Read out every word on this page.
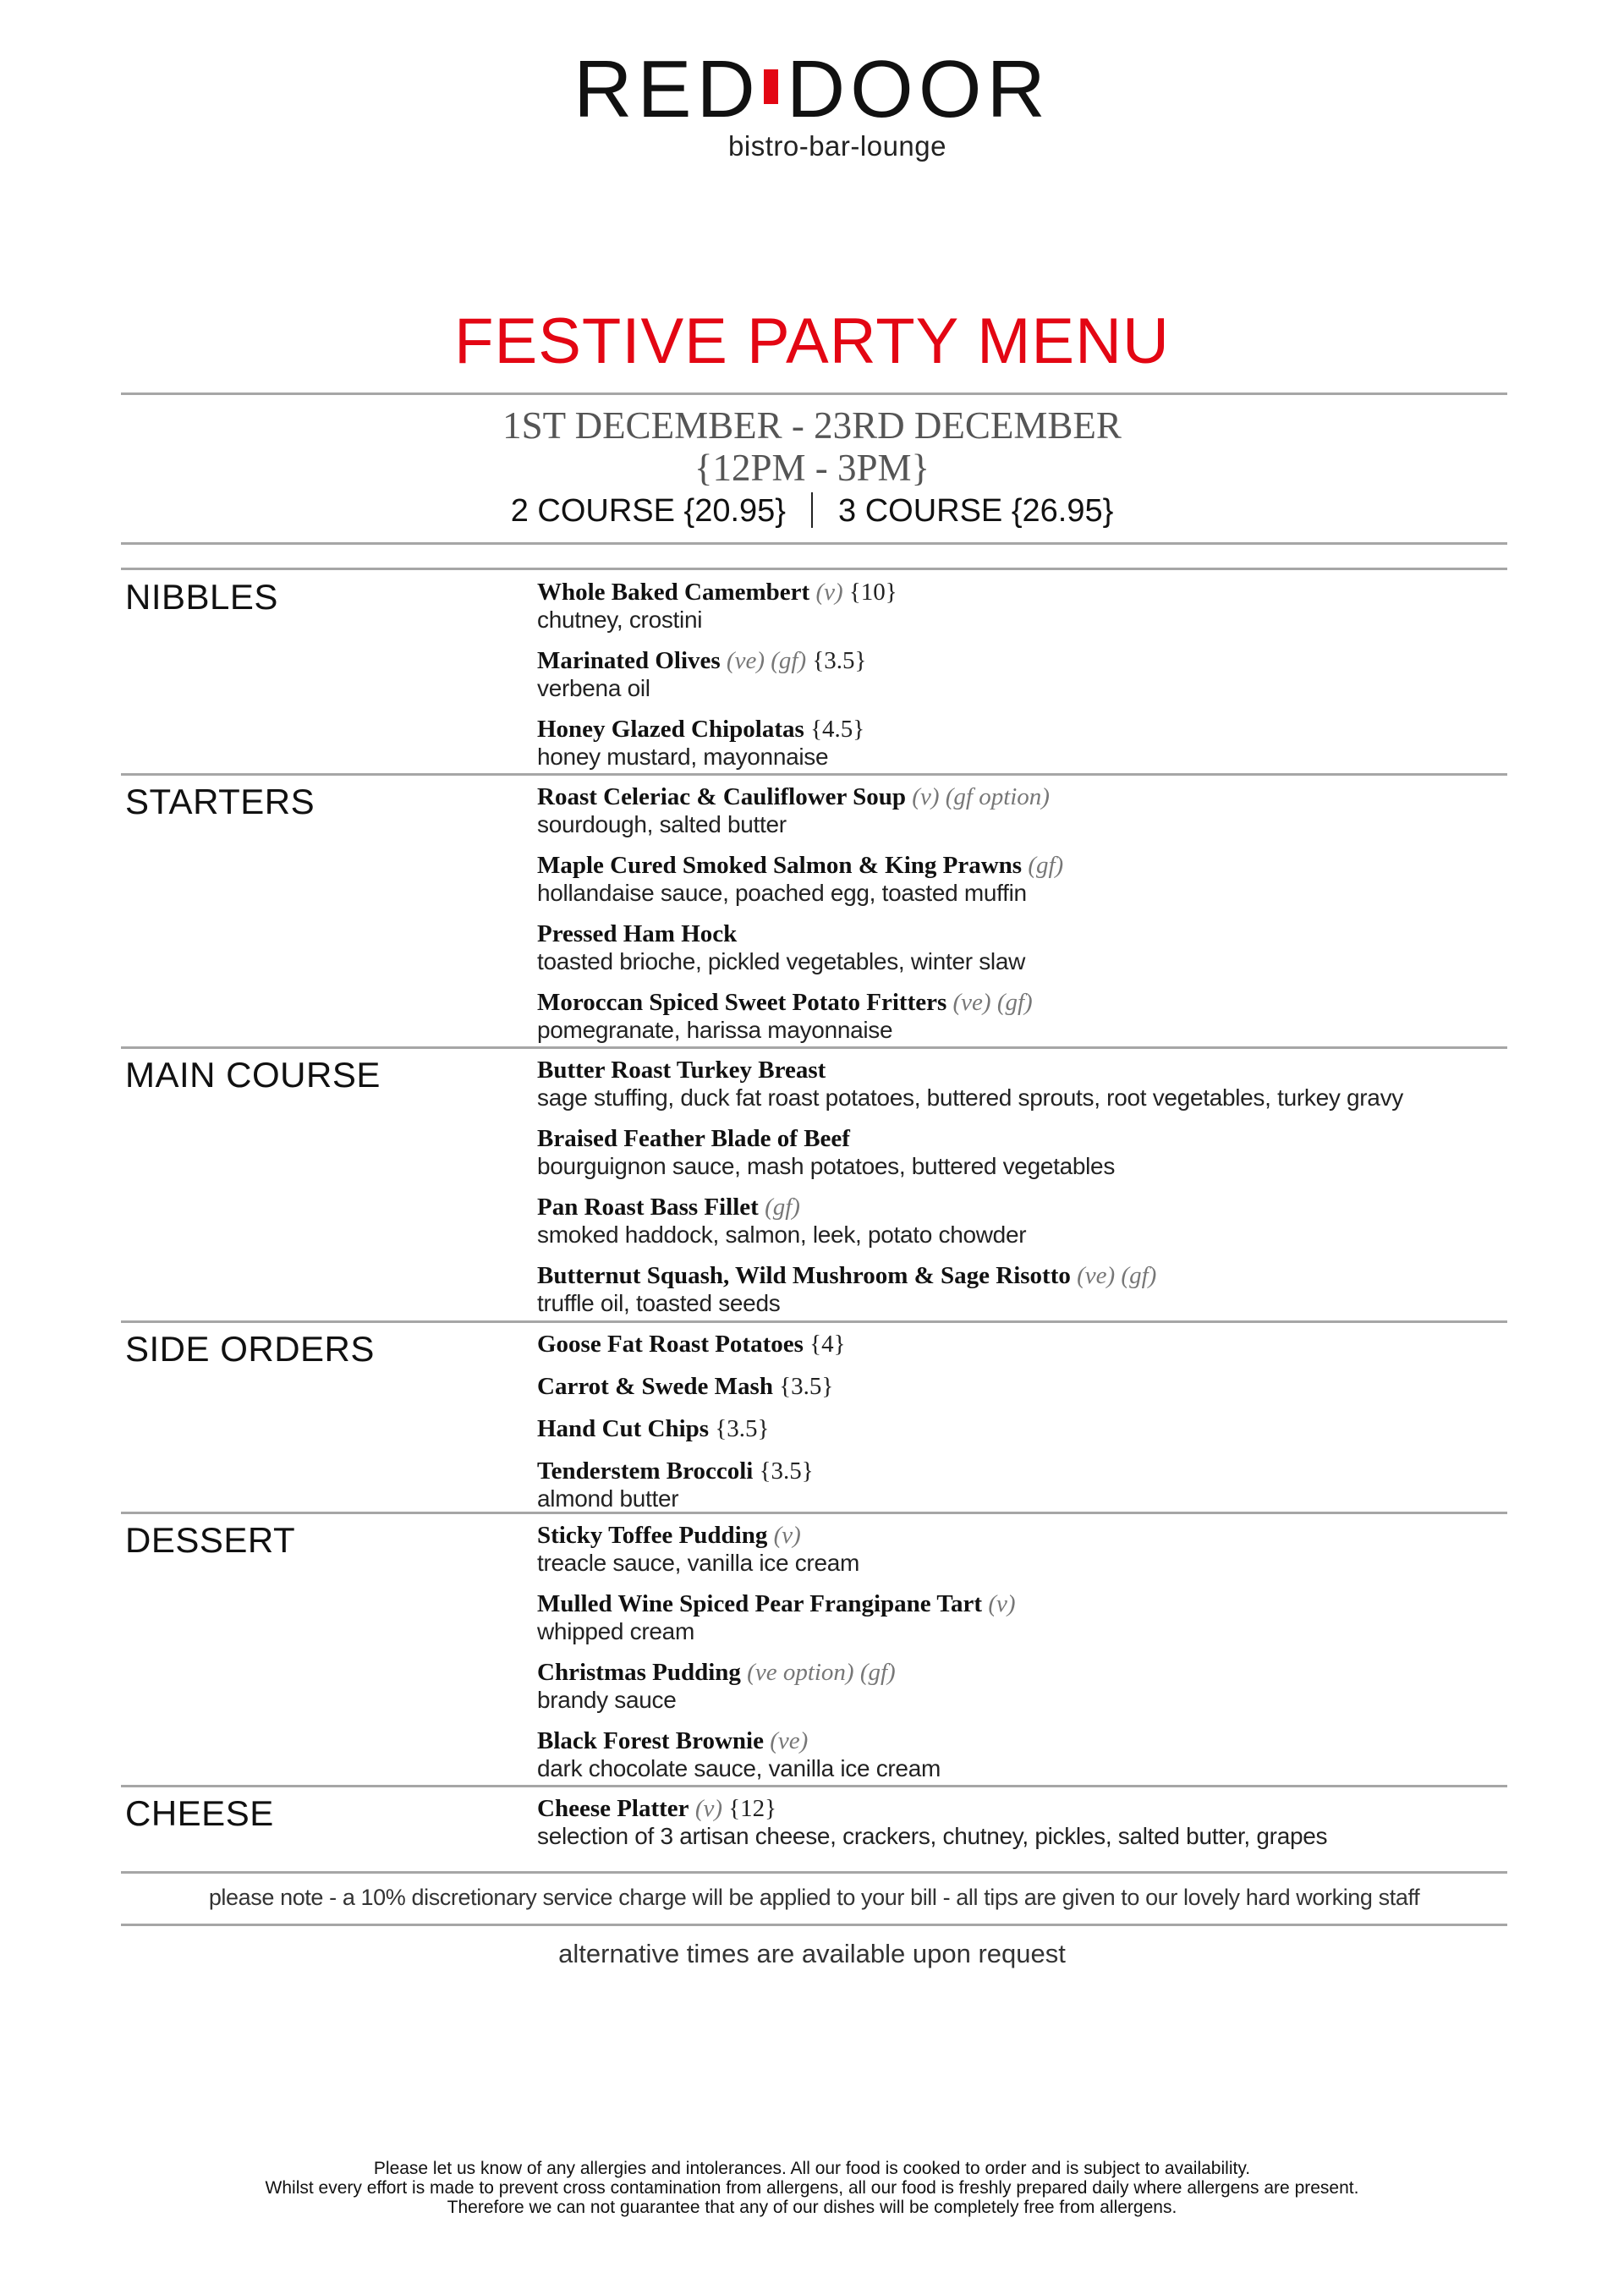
RED DOOR
bistro-bar-lounge
FESTIVE PARTY MENU
1ST DECEMBER - 23RD DECEMBER
{12PM - 3PM}
2 COURSE {20.95} 3 COURSE {26.95}
NIBBLES	Whole Baked Camembert (v) {10}
chutney, crostini
Marinated Olives (ve) (gf) {3.5}
verbena oil
Honey Glazed Chipolatas {4.5}
honey mustard, mayonnaise
STARTERS	Roast Celeriac & Cauliflower Soup (v) (gf option)
sourdough, salted butter
Maple Cured Smoked Salmon & King Prawns (gf)
hollandaise sauce, poached egg, toasted muffin
Pressed Ham Hock
toasted brioche, pickled vegetables, winter slaw
Moroccan Spiced Sweet Potato Fritters (ve) (gf)
pomegranate, harissa mayonnaise
MAIN COURSE	Butter Roast Turkey Breast
sage stuffing, duck fat roast potatoes, buttered sprouts, root vegetables, turkey gravy
Braised Feather Blade of Beef
bourguignon sauce, mash potatoes, buttered vegetables
Pan Roast Bass Fillet (gf)
smoked haddock, salmon, leek, potato chowder
Butternut Squash, Wild Mushroom & Sage Risotto (ve) (gf)
truffle oil, toasted seeds
SIDE ORDERS	Goose Fat Roast Potatoes {4}
Carrot & Swede Mash {3.5}
Hand Cut Chips {3.5}
Tenderstem Broccoli {3.5}
almond butter
DESSERT	Sticky Toffee Pudding (v)
treacle sauce, vanilla ice cream
Mulled Wine Spiced Pear Frangipane Tart (v)
whipped cream
Christmas Pudding (ve option) (gf)
brandy sauce
Black Forest Brownie (ve)
dark chocolate sauce, vanilla ice cream
CHEESE	Cheese Platter (v) {12}
selection of 3 artisan cheese, crackers, chutney, pickles, salted butter, grapes
please note - a 10% discretionary service charge will be applied to your bill - all tips are given to our lovely hard working staff
alternative times are available upon request
Please let us know of any allergies and intolerances. All our food is cooked to order and is subject to availability.
Whilst every effort is made to prevent cross contamination from allergens, all our food is freshly prepared daily where allergens are present.
Therefore we can not guarantee that any of our dishes will be completely free from allergens.
